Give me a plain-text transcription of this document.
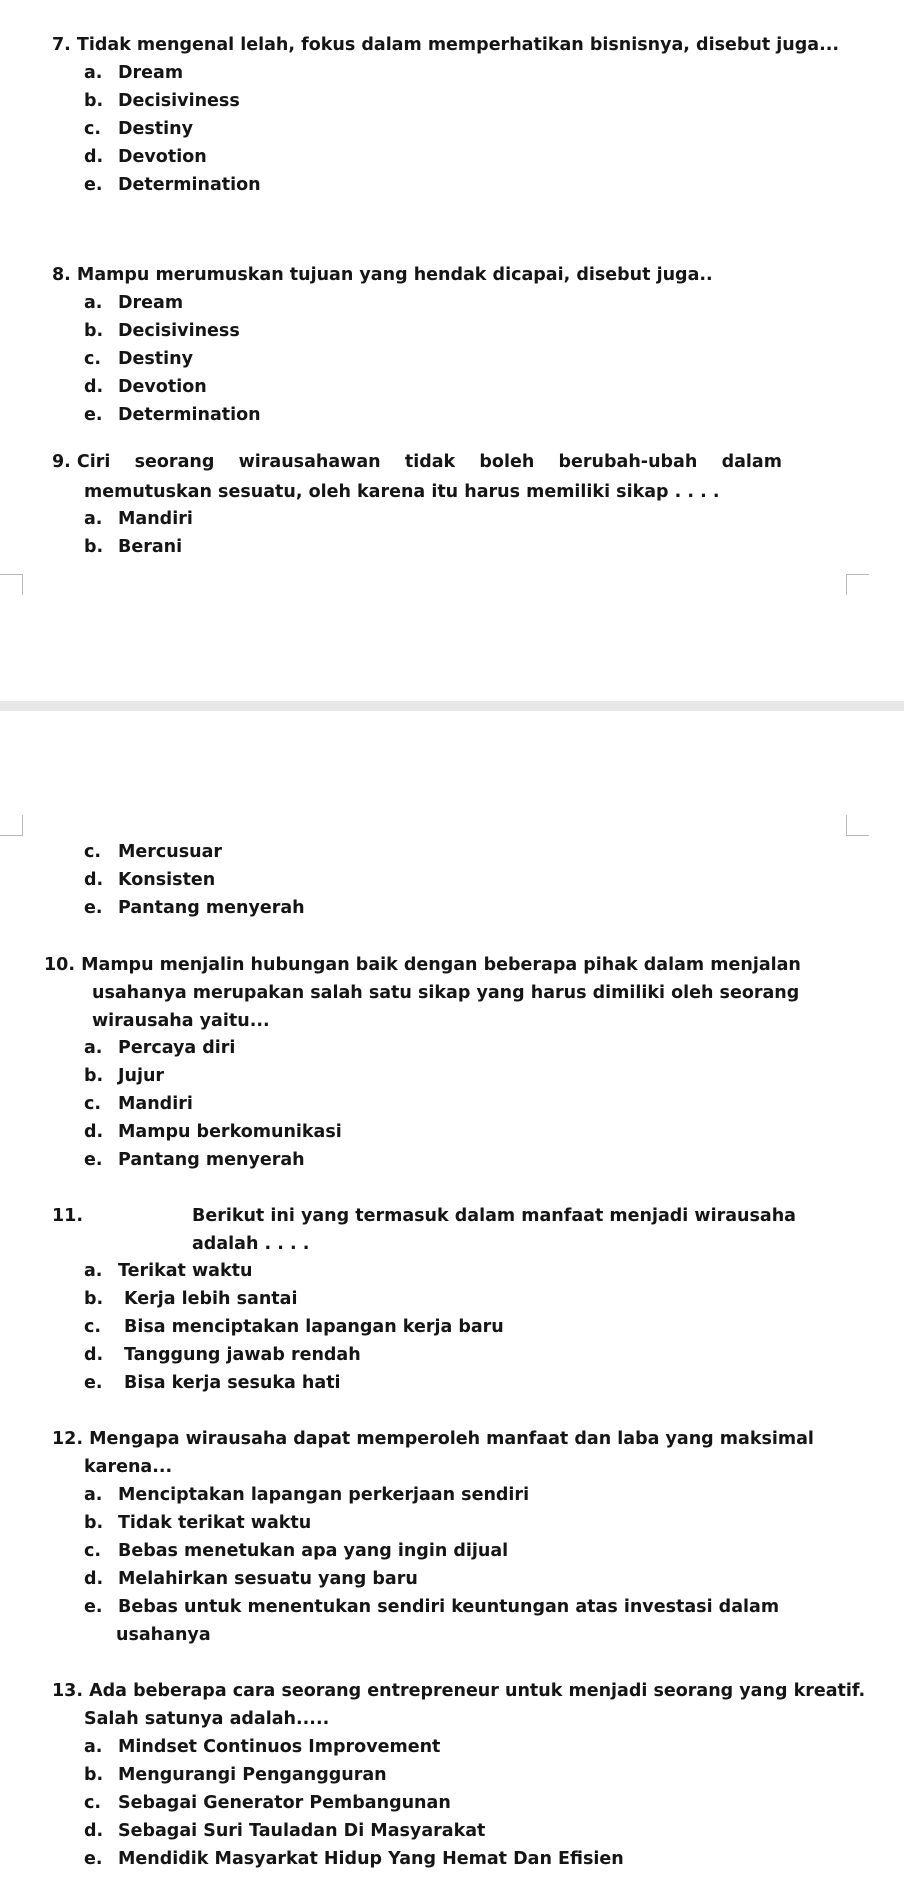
7. Tidak mengenal lelah, fokus dalam memperhatikan bisnisnya, disebut juga...
a. Dream
b. Decisiviness
c. Destiny
d. Devotion
e. Determination
8. Mampu merumuskan tujuan yang hendak dicapai, disebut juga..
a. Dream
b. Decisiviness
c. Destiny
d. Devotion
e. Determination
9. Ciri seorang wirausahawan tidak boleh berubah-ubah dalam
memutuskan sesuatu, oleh karena itu harus memiliki sikap . . . .
a. Mandiri
b. Berani
c. Mercusuar
d. Konsisten
e. Pantang menyerah
10. Mampu menjalin hubungan baik dengan beberapa pihak dalam menjalan
usahanya merupakan salah satu sikap yang harus dimiliki oleh seorang
wirausaha yaitu...
a. Percaya diri
b. Jujur
c. Mandiri
d. Mampu berkomunikasi
e. Pantang menyerah
11.	Berikut ini yang termasuk dalam manfaat menjadi wirausaha
adalah . . . .
a. Terikat waktu
b. Kerja lebih santai
c. Bisa menciptakan lapangan kerja baru
d. Tanggung jawab rendah
e. Bisa kerja sesuka hati
12. Mengapa wirausaha dapat memperoleh manfaat dan laba yang maksimal
karena...
a. Menciptakan lapangan perkerjaan sendiri
b. Tidak terikat waktu
c. Bebas menetukan apa yang ingin dijual
d. Melahirkan sesuatu yang baru
e. Bebas untuk menentukan sendiri keuntungan atas investasi dalam
usahanya
13. Ada beberapa cara seorang entrepreneur untuk menjadi seorang yang kreatif.
Salah satunya adalah.....
a. Mindset Continuos Improvement
b. Mengurangi Pengangguran
c. Sebagai Generator Pembangunan
d. Sebagai Suri Tauladan Di Masyarakat
e. Mendidik Masyarkat Hidup Yang Hemat Dan Efisien
